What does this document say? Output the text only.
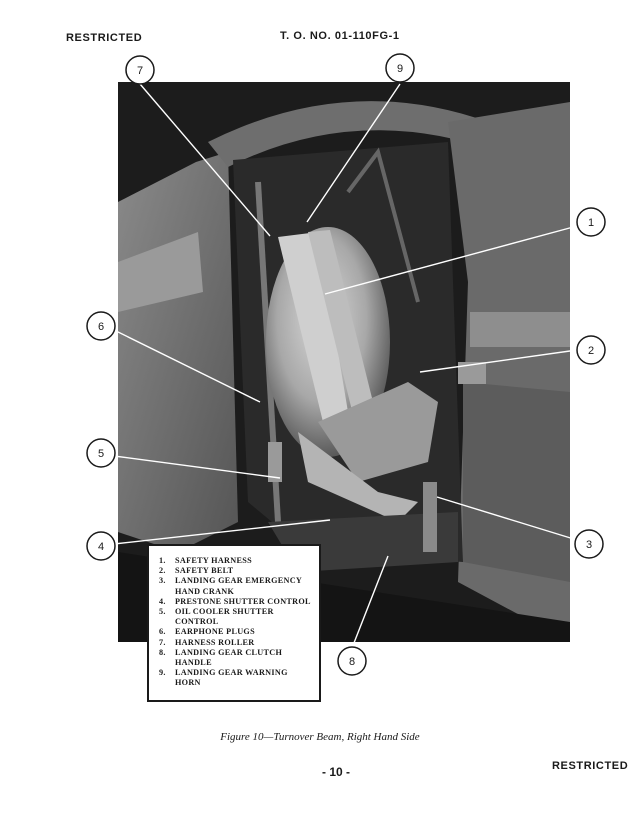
RESTRICTED	T. O. NO. 01-110FG-1
7	9
1
2
3
4
5
6
8
1.	SAFETY HARNESS
2.	SAFETY BELT
3.	LANDING GEAR EMERGENCY HAND CRANK
4.	PRESTONE SHUTTER CONTROL
5.	OIL COOLER SHUTTER CONTROL
6.	EARPHONE PLUGS
7.	HARNESS ROLLER
8.	LANDING GEAR CLUTCH HANDLE
9.	LANDING GEAR WARNING HORN
Figure 10—Turnover Beam, Right Hand Side
- 10 -	RESTRICTED
